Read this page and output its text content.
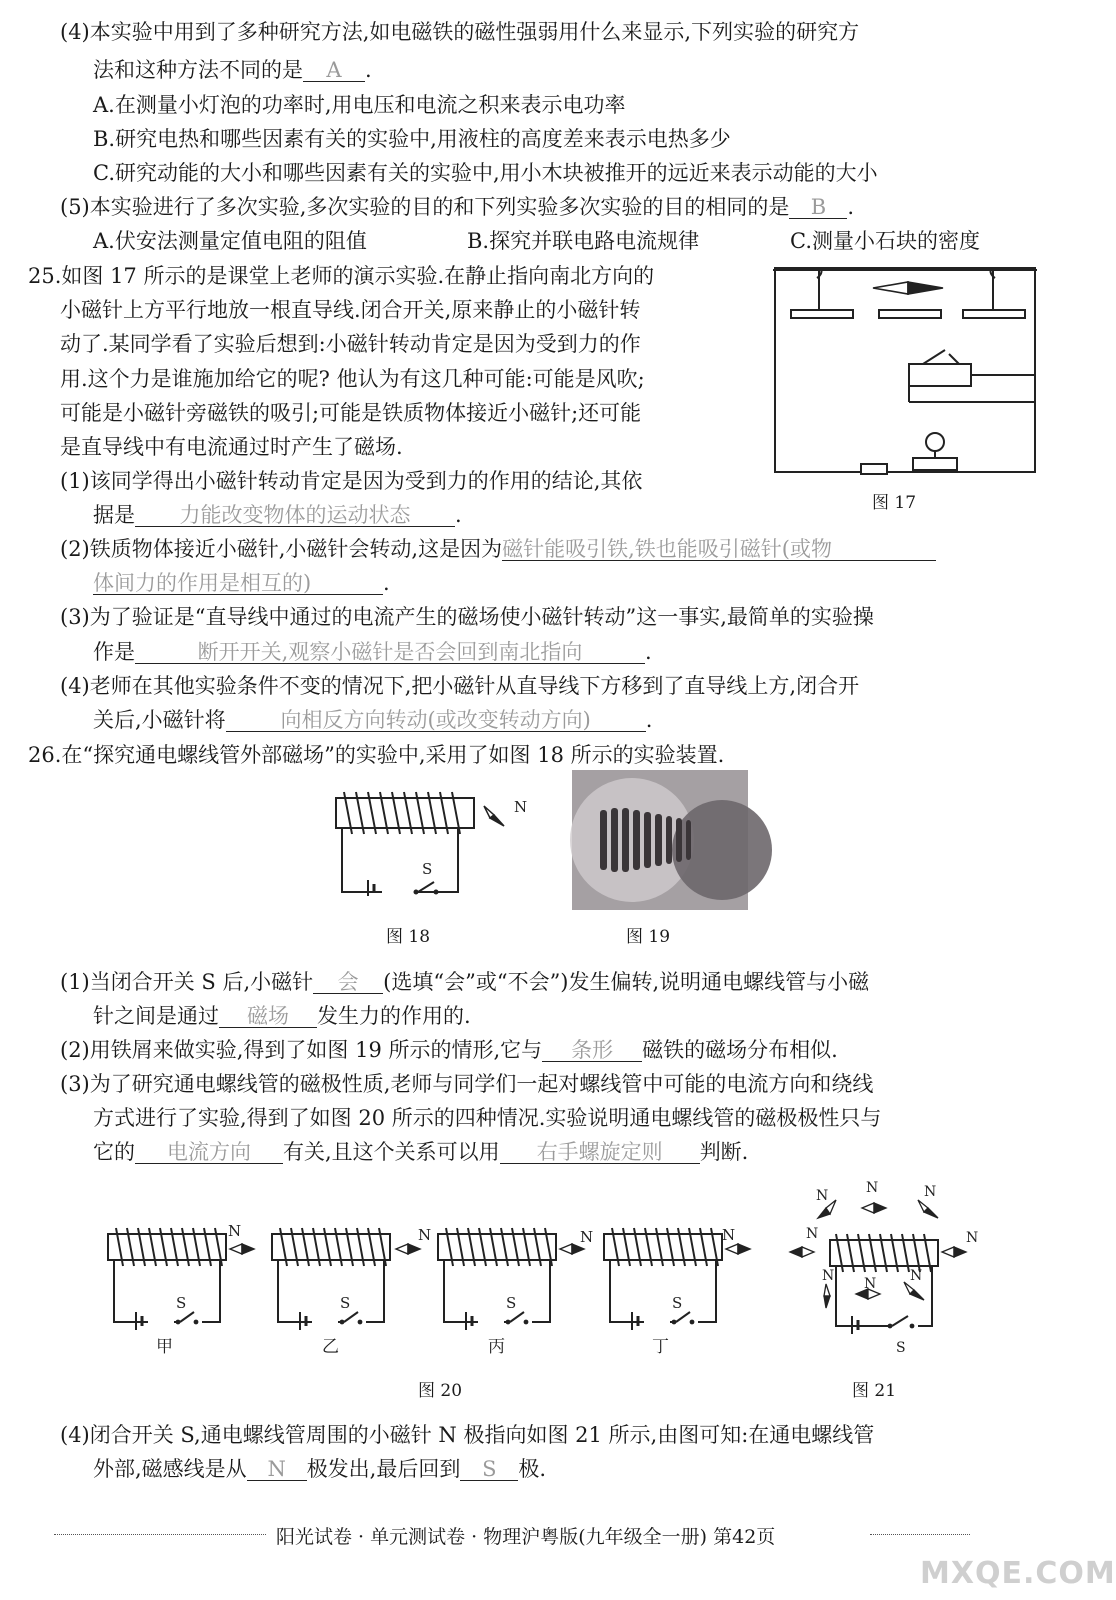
(4)本实验中用到了多种研究方法,如电磁铁的磁性强弱用什么来显示,下列实验的研究方
法和这种方法不同的是 A .
A.在测量小灯泡的功率时,用电压和电流之积来表示电功率
B.研究电热和哪些因素有关的实验中,用液柱的高度差来表示电热多少
C.研究动能的大小和哪些因素有关的实验中,用小木块被推开的远近来表示动能的大小
(5)本实验进行了多次实验,多次实验的目的和下列实验多次实验的目的相同的是 B .
A.伏安法测量定值电阻的阻值	B.探究并联电路电流规律	C.测量小石块的密度
25.如图 17 所示的是课堂上老师的演示实验.在静止指向南北方向的
小磁针上方平行地放一根直导线.闭合开关,原来静止的小磁针转
动了.某同学看了实验后想到:小磁针转动肯定是因为受到力的作
用.这个力是谁施加给它的呢? 他认为有这几种可能:可能是风吹;
可能是小磁针旁磁铁的吸引;可能是铁质物体接近小磁针;还可能
是直导线中有电流通过时产生了磁场.
(1)该同学得出小磁针转动肯定是因为受到力的作用的结论,其依
据是 力能改变物体的运动状态 .
(2)铁质物体接近小磁针,小磁针会转动,这是因为磁针能吸引铁,铁也能吸引磁针(或物
体间力的作用是相互的)	.
(3)为了验证是“直导线中通过的电流产生的磁场使小磁针转动”这一事实,最简单的实验操
作是	断开开关,观察小磁针是否会回到南北指向	.
(4)老师在其他实验条件不变的情况下,把小磁针从直导线下方移到了直导线上方,闭合开
关后,小磁针将	向相反方向转动(或改变转动方向)	.
图 17
26.在“探究通电螺线管外部磁场”的实验中,采用了如图 18 所示的实验装置.
N
S
图 18	图 19
(1)当闭合开关 S 后,小磁针 会 (选填“会”或“不会”)发生偏转,说明通电螺线管与小磁
针之间是通过 磁场 发生力的作用的.
(2)用铁屑来做实验,得到了如图 19 所示的情形,它与 条形 磁铁的磁场分布相似.
(3)为了研究通电螺线管的磁极性质,老师与同学们一起对螺线管中可能的电流方向和绕线
方式进行了实验,得到了如图 20 所示的四种情况.实验说明通电螺线管的磁极极性只与
它的 电流方向 有关,且这个关系可以用 右手螺旋定则 判断.
N	N	N	N
甲	乙	丙	丁
图 20
N	N	N
N	N
N N
N
S
图 21
(4)闭合开关 S,通电螺线管周围的小磁针 N 极指向如图 21 所示,由图可知:在通电螺线管
外部,磁感线是从 N 极发出,最后回到 S 极.
阳光试卷 · 单元测试卷 · 物理沪粤版(九年级全一册) 第42页
MXQE.COM
